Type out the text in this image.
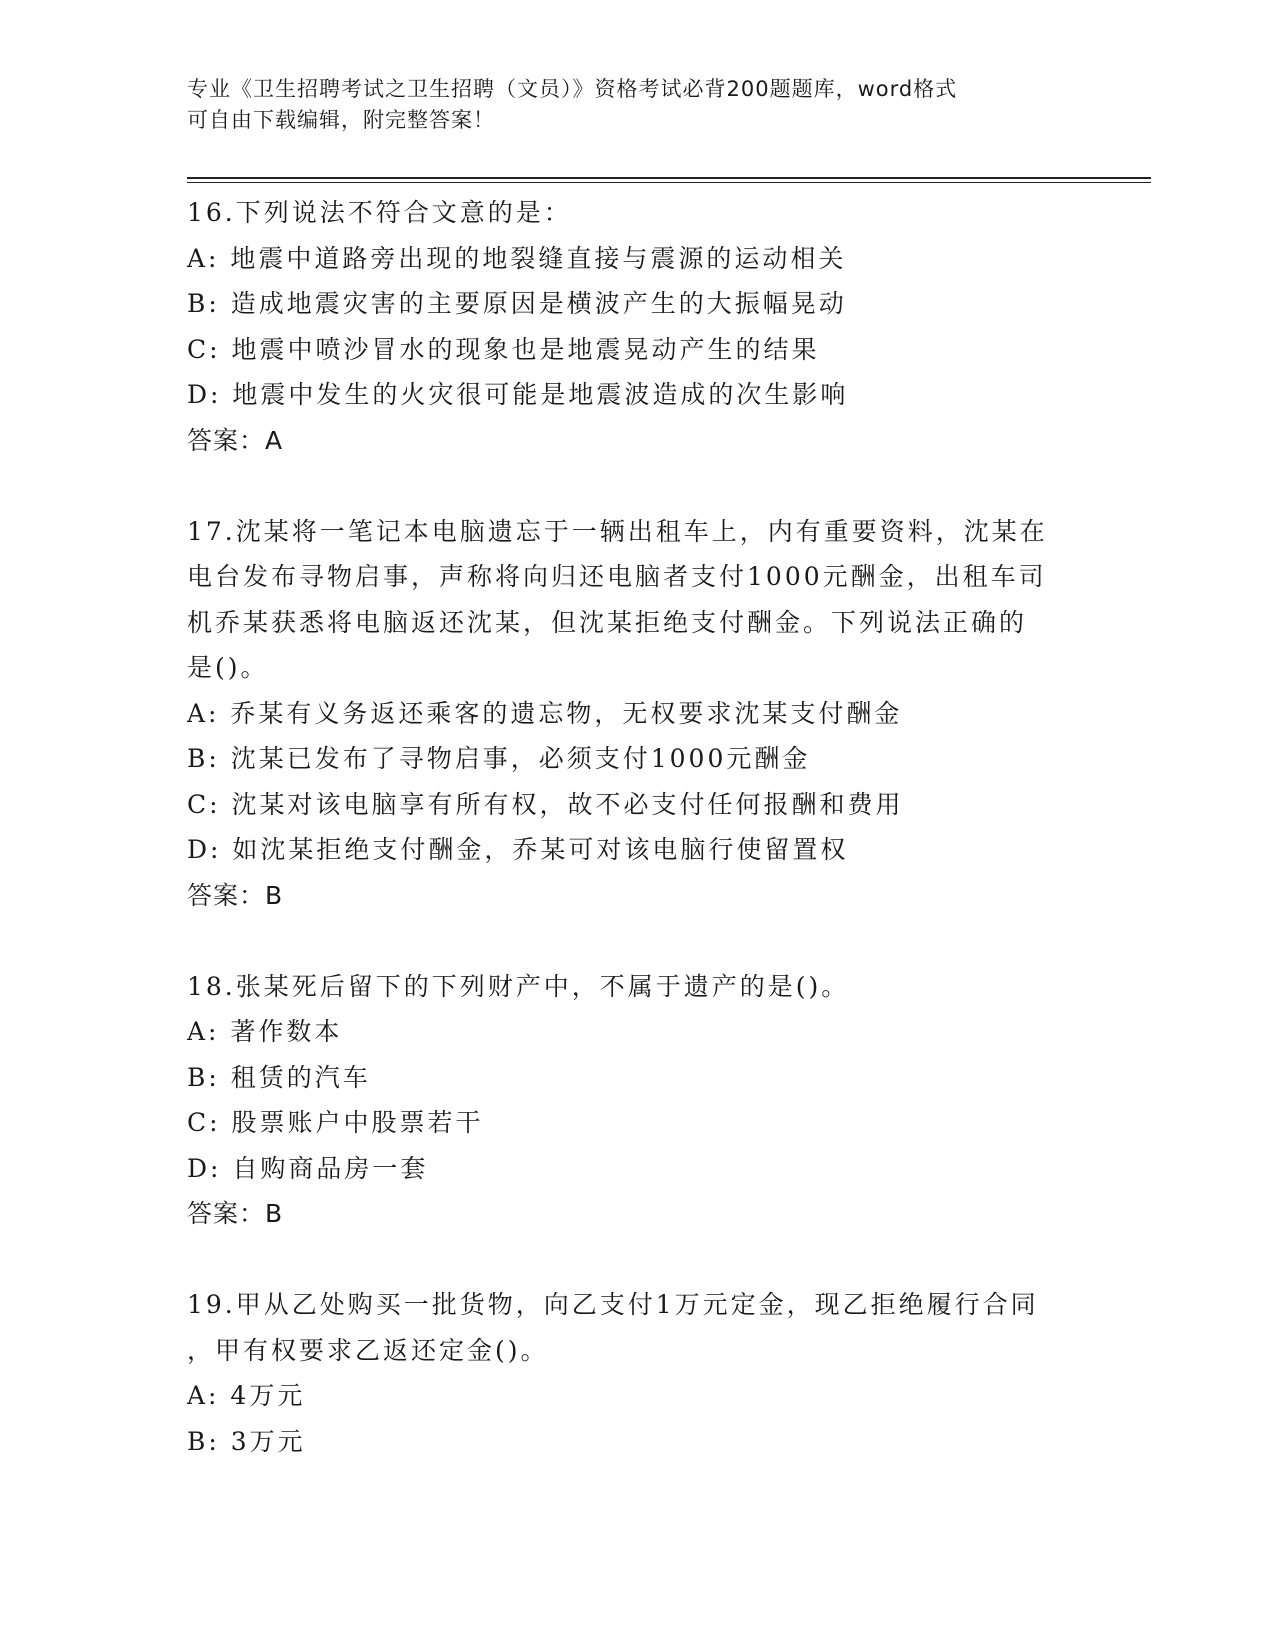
专业《卫生招聘考试之卫生招聘（文员）》资格考试必背200题题库，word格式
可自由下载编辑，附完整答案！
16.下列说法不符合文意的是：
A: 地震中道路旁出现的地裂缝直接与震源的运动相关
B: 造成地震灾害的主要原因是横波产生的大振幅晃动
C: 地震中喷沙冒水的现象也是地震晃动产生的结果
D: 地震中发生的火灾很可能是地震波造成的次生影响
答案：A
17.沈某将一笔记本电脑遗忘于一辆出租车上，内有重要资料，沈某在
电台发布寻物启事，声称将向归还电脑者支付1000元酬金，出租车司
机乔某获悉将电脑返还沈某，但沈某拒绝支付酬金。下列说法正确的
是()。
A: 乔某有义务返还乘客的遗忘物，无权要求沈某支付酬金
B: 沈某已发布了寻物启事，必须支付1000元酬金
C: 沈某对该电脑享有所有权，故不必支付任何报酬和费用
D: 如沈某拒绝支付酬金，乔某可对该电脑行使留置权
答案：B
18.张某死后留下的下列财产中，不属于遗产的是()。
A: 著作数本
B: 租赁的汽车
C: 股票账户中股票若干
D: 自购商品房一套
答案：B
19.甲从乙处购买一批货物，向乙支付1万元定金，现乙拒绝履行合同
，甲有权要求乙返还定金()。
A: 4万元
B: 3万元
